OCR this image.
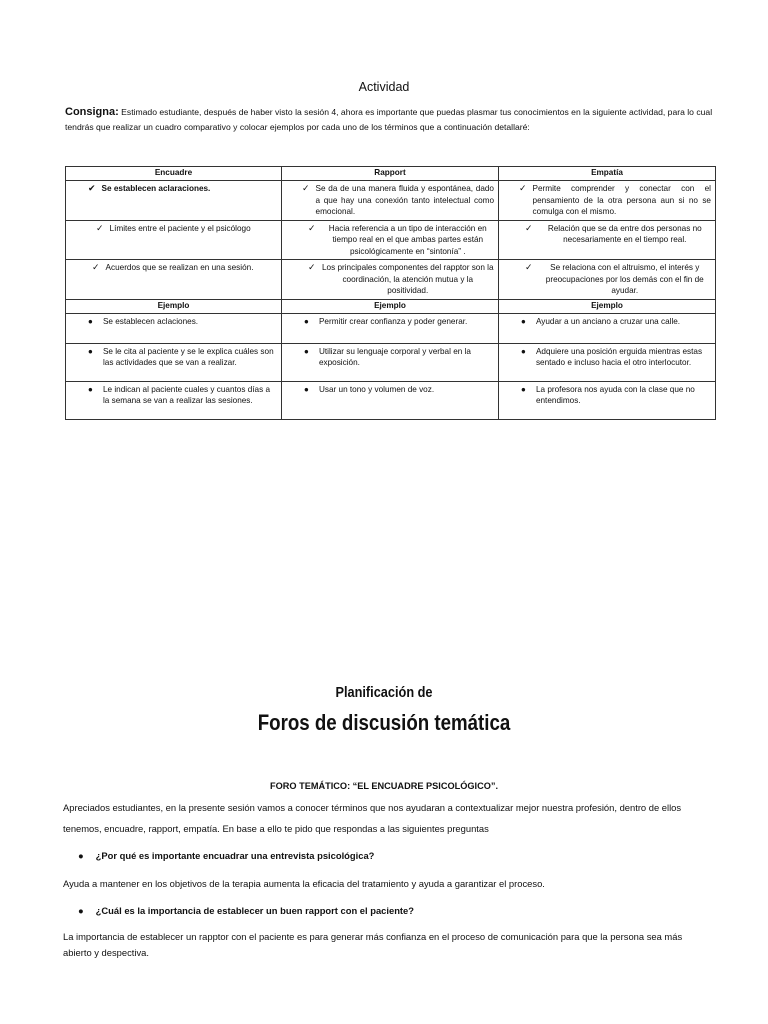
Actividad
Consigna: Estimado estudiante, después de haber visto la sesión 4, ahora es importante que puedas plasmar tus conocimientos en la siguiente actividad, para lo cual tendrás que realizar un cuadro comparativo y colocar ejemplos por cada uno de los términos que a continuación detallaré:
Encuadre	Rapport	Empatía

✔ Se establecen aclaraciones.	✓ Se da de una manera fluida y espontánea, dado a que hay una conexión tanto intelectual como emocional.	✓ Permite comprender y conectar con el pensamiento de la otra persona aun si no se comulga con el mismo.

✓ Límites entre el paciente y el psicólogo	✓ Hacia referencia a un tipo de interacción en tiempo real en el que ambas partes están psicológicamente en “sintonía” .	✓ Relación que se da entre dos personas no necesariamente en el tiempo real.

✓ Acuerdos que se realizan en una sesión.	✓ Los principales componentes del rapptor son la coordinación, la atención mutua y la positividad.	✓ Se relaciona con el altruismo, el interés y preocupaciones por los demás con el fin de ayudar.

Ejemplo	Ejemplo	Ejemplo

● Se establecen aclaciones.	● Permitir crear confianza y poder generar.	● Ayudar a un anciano a cruzar una calle.

● Se le cita al paciente y se le explica cuáles son las actividades que se van a realizar.	● Utilizar su lenguaje corporal y verbal en la exposición.	● Adquiere una posición erguida mientras estas sentado e incluso hacia el otro interlocutor.

● Le indican al paciente cuales y cuantos días a la semana se van a realizar las sesiones.	● Usar un tono y volumen de voz.	● La profesora nos ayuda con la clase que no entendimos.
Planificación de
Foros de discusión temática
FORO TEMÁTICO: “EL ENCUADRE PSICOLÓGICO”.
Apreciados estudiantes, en la presente sesión vamos a conocer términos que nos ayudaran a contextualizar mejor nuestra profesión, dentro de ellos tenemos, encuadre, rapport, empatía. En base a ello te pido que respondas a las siguientes preguntas
● ¿Por qué es importante encuadrar una entrevista psicológica?
Ayuda a mantener en los objetivos de la terapia aumenta la eficacia del tratamiento y ayuda a garantizar el proceso.
● ¿Cuál es la importancia de establecer un buen rapport con el paciente?
La importancia de establecer un rapptor con el paciente es para generar más confianza en el proceso de comunicación para que la persona sea más abierto y despectiva.
